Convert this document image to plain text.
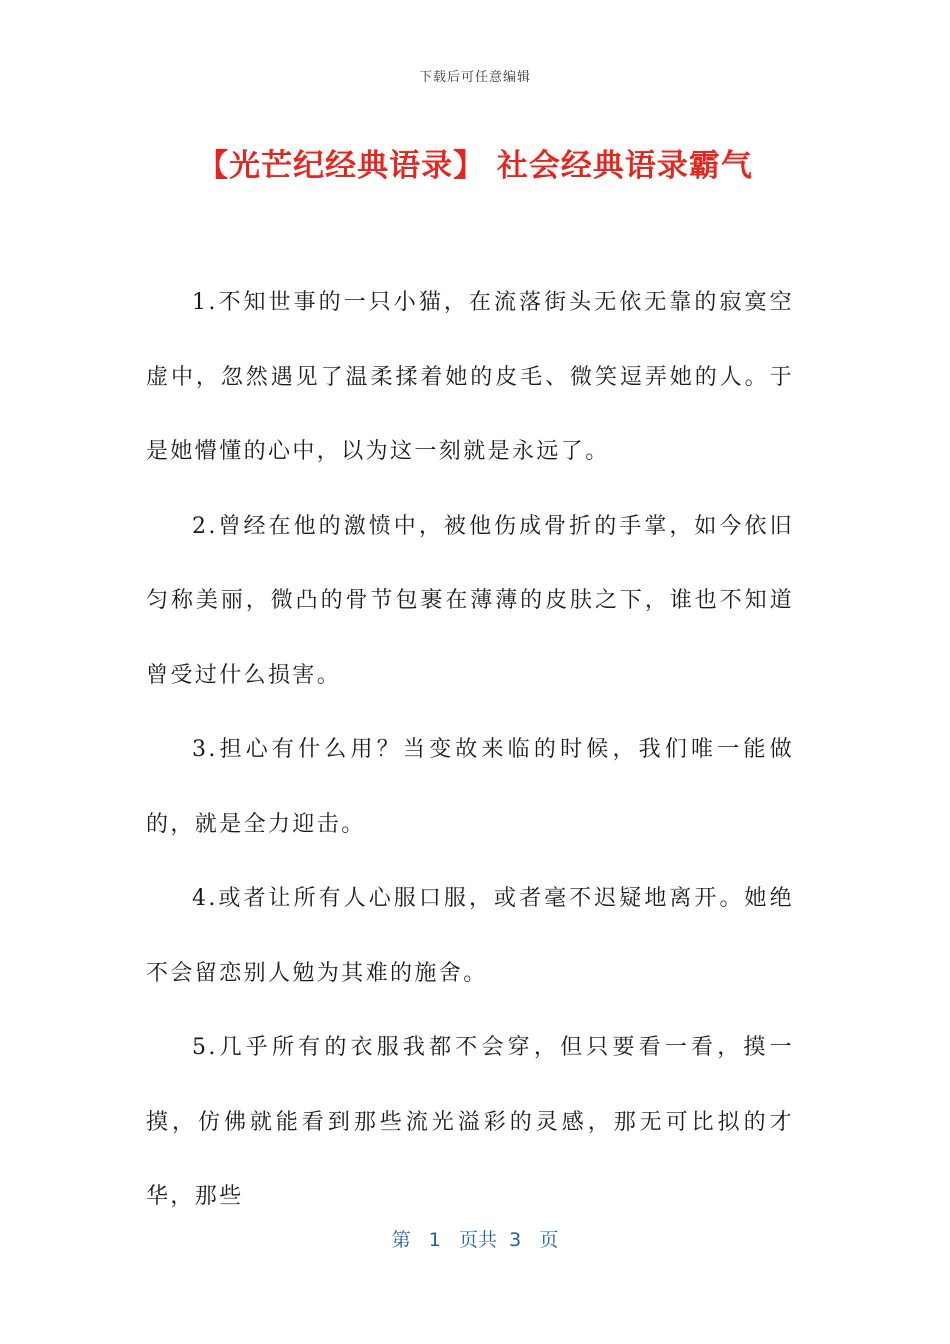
下载后可任意编辑
【光芒纪经典语录】 社会经典语录霸气

1.不知世事的一只小猫，在流落街头无依无靠的寂寞空虚中，忽然遇见了温柔揉着她的皮毛、微笑逗弄她的人。于是她懵懂的心中，以为这一刻就是永远了。

2.曾经在他的激愤中，被他伤成骨折的手掌，如今依旧匀称美丽，微凸的骨节包裹在薄薄的皮肤之下，谁也不知道曾受过什么损害。

3.担心有什么用？当变故来临的时候，我们唯一能做的，就是全力迎击。

4.或者让所有人心服口服，或者毫不迟疑地离开。她绝不会留恋别人勉为其难的施舍。

5.几乎所有的衣服我都不会穿，但只要看一看，摸一摸，仿佛就能看到那些流光溢彩的灵感，那无可比拟的才华，那些

第 1 页共 3 页
